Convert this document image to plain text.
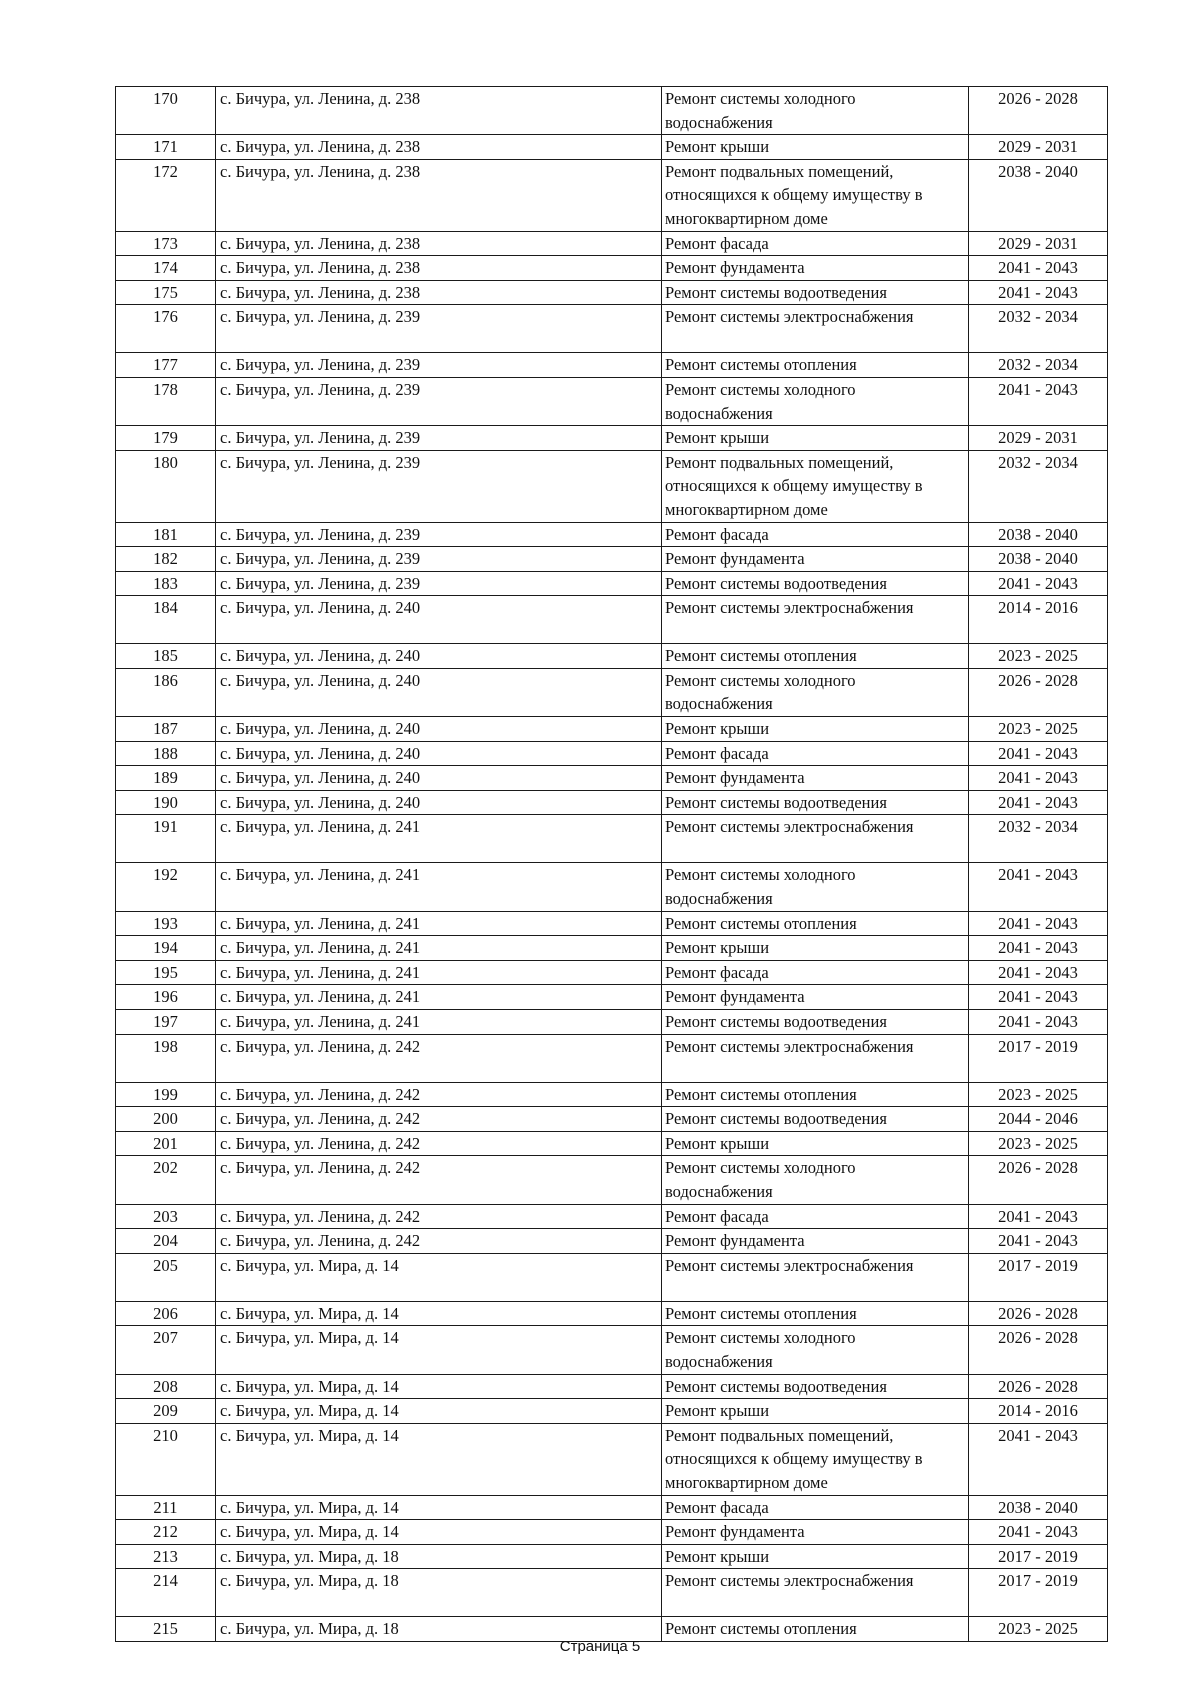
170	с. Бичура, ул. Ленина, д. 238	Ремонт системы холодного водоснабжения	2026 - 2028
171	с. Бичура, ул. Ленина, д. 238	Ремонт крыши	2029 - 2031
172	с. Бичура, ул. Ленина, д. 238	Ремонт подвальных помещений, относящихся к общему имуществу в многоквартирном доме	2038 - 2040
173	с. Бичура, ул. Ленина, д. 238	Ремонт фасада	2029 - 2031
174	с. Бичура, ул. Ленина, д. 238	Ремонт фундамента	2041 - 2043
175	с. Бичура, ул. Ленина, д. 238	Ремонт системы водоотведения	2041 - 2043
176	с. Бичура, ул. Ленина, д. 239	Ремонт системы электроснабжения	2032 - 2034
177	с. Бичура, ул. Ленина, д. 239	Ремонт системы отопления	2032 - 2034
178	с. Бичура, ул. Ленина, д. 239	Ремонт системы холодного водоснабжения	2041 - 2043
179	с. Бичура, ул. Ленина, д. 239	Ремонт крыши	2029 - 2031
180	с. Бичура, ул. Ленина, д. 239	Ремонт подвальных помещений, относящихся к общему имуществу в многоквартирном доме	2032 - 2034
181	с. Бичура, ул. Ленина, д. 239	Ремонт фасада	2038 - 2040
182	с. Бичура, ул. Ленина, д. 239	Ремонт фундамента	2038 - 2040
183	с. Бичура, ул. Ленина, д. 239	Ремонт системы водоотведения	2041 - 2043
184	с. Бичура, ул. Ленина, д. 240	Ремонт системы электроснабжения	2014 - 2016
185	с. Бичура, ул. Ленина, д. 240	Ремонт системы отопления	2023 - 2025
186	с. Бичура, ул. Ленина, д. 240	Ремонт системы холодного водоснабжения	2026 - 2028
187	с. Бичура, ул. Ленина, д. 240	Ремонт крыши	2023 - 2025
188	с. Бичура, ул. Ленина, д. 240	Ремонт фасада	2041 - 2043
189	с. Бичура, ул. Ленина, д. 240	Ремонт фундамента	2041 - 2043
190	с. Бичура, ул. Ленина, д. 240	Ремонт системы водоотведения	2041 - 2043
191	с. Бичура, ул. Ленина, д. 241	Ремонт системы электроснабжения	2032 - 2034
192	с. Бичура, ул. Ленина, д. 241	Ремонт системы холодного водоснабжения	2041 - 2043
193	с. Бичура, ул. Ленина, д. 241	Ремонт системы отопления	2041 - 2043
194	с. Бичура, ул. Ленина, д. 241	Ремонт крыши	2041 - 2043
195	с. Бичура, ул. Ленина, д. 241	Ремонт фасада	2041 - 2043
196	с. Бичура, ул. Ленина, д. 241	Ремонт фундамента	2041 - 2043
197	с. Бичура, ул. Ленина, д. 241	Ремонт системы водоотведения	2041 - 2043
198	с. Бичура, ул. Ленина, д. 242	Ремонт системы электроснабжения	2017 - 2019
199	с. Бичура, ул. Ленина, д. 242	Ремонт системы отопления	2023 - 2025
200	с. Бичура, ул. Ленина, д. 242	Ремонт системы водоотведения	2044 - 2046
201	с. Бичура, ул. Ленина, д. 242	Ремонт крыши	2023 - 2025
202	с. Бичура, ул. Ленина, д. 242	Ремонт системы холодного водоснабжения	2026 - 2028
203	с. Бичура, ул. Ленина, д. 242	Ремонт фасада	2041 - 2043
204	с. Бичура, ул. Ленина, д. 242	Ремонт фундамента	2041 - 2043
205	с. Бичура, ул. Мира, д. 14	Ремонт системы электроснабжения	2017 - 2019
206	с. Бичура, ул. Мира, д. 14	Ремонт системы отопления	2026 - 2028
207	с. Бичура, ул. Мира, д. 14	Ремонт системы холодного водоснабжения	2026 - 2028
208	с. Бичура, ул. Мира, д. 14	Ремонт системы водоотведения	2026 - 2028
209	с. Бичура, ул. Мира, д. 14	Ремонт крыши	2014 - 2016
210	с. Бичура, ул. Мира, д. 14	Ремонт подвальных помещений, относящихся к общему имуществу в многоквартирном доме	2041 - 2043
211	с. Бичура, ул. Мира, д. 14	Ремонт фасада	2038 - 2040
212	с. Бичура, ул. Мира, д. 14	Ремонт фундамента	2041 - 2043
213	с. Бичура, ул. Мира, д. 18	Ремонт крыши	2017 - 2019
214	с. Бичура, ул. Мира, д. 18	Ремонт системы электроснабжения	2017 - 2019
215	с. Бичура, ул. Мира, д. 18	Ремонт системы отопления	2023 - 2025
Страница 5
